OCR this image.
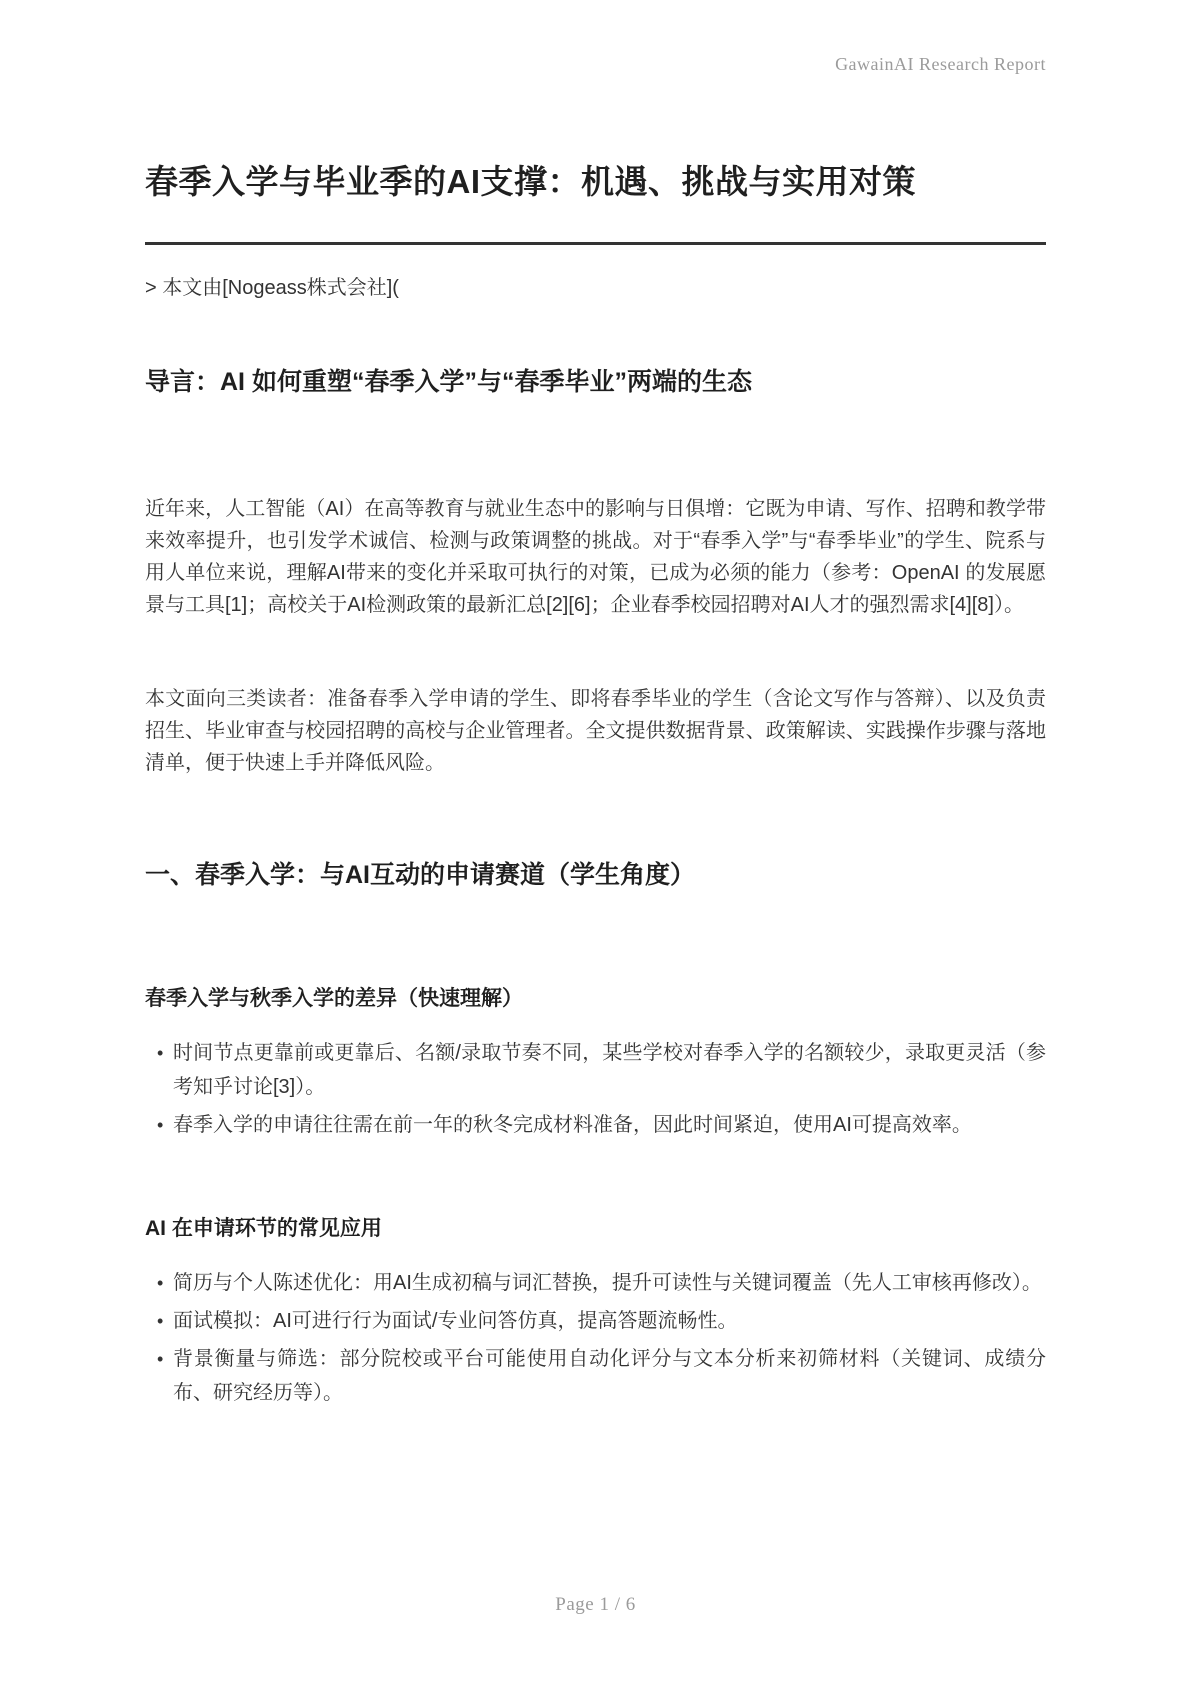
GawainAI Research Report
春季入学与毕业季的AI支撑：机遇、挑战与实用对策

> 本文由[Nogeass株式会社](

导言：AI 如何重塑“春季入学”与“春季毕业”两端的生态

近年来，人工智能（AI）在高等教育与就业生态中的影响与日俱增：它既为申请、写作、招聘和教学带来效率提升，也引发学术诚信、检测与政策调整的挑战。对于“春季入学”与“春季毕业”的学生、院系与用人单位来说，理解AI带来的变化并采取可执行的对策，已成为必须的能力（参考：OpenAI 的发展愿景与工具[1]；高校关于AI检测政策的最新汇总[2][6]；企业春季校园招聘对AI人才的强烈需求[4][8]）。

本文面向三类读者：准备春季入学申请的学生、即将春季毕业的学生（含论文写作与答辩）、以及负责招生、毕业审查与校园招聘的高校与企业管理者。全文提供数据背景、政策解读、实践操作步骤与落地清单，便于快速上手并降低风险。

一、春季入学：与AI互动的申请赛道（学生角度）
春季入学与秋季入学的差异（快速理解）
• 时间节点更靠前或更靠后、名额/录取节奏不同，某些学校对春季入学的名额较少，录取更灵活（参考知乎讨论[3]）。
• 春季入学的申请往往需在前一年的秋冬完成材料准备，因此时间紧迫，使用AI可提高效率。
AI 在申请环节的常见应用
• 简历与个人陈述优化：用AI生成初稿与词汇替换，提升可读性与关键词覆盖（先人工审核再修改）。
• 面试模拟：AI可进行行为面试/专业问答仿真，提高答题流畅性。
• 背景衡量与筛选：部分院校或平台可能使用自动化评分与文本分析来初筛材料（关键词、成绩分布、研究经历等）。
Page 1 / 6
